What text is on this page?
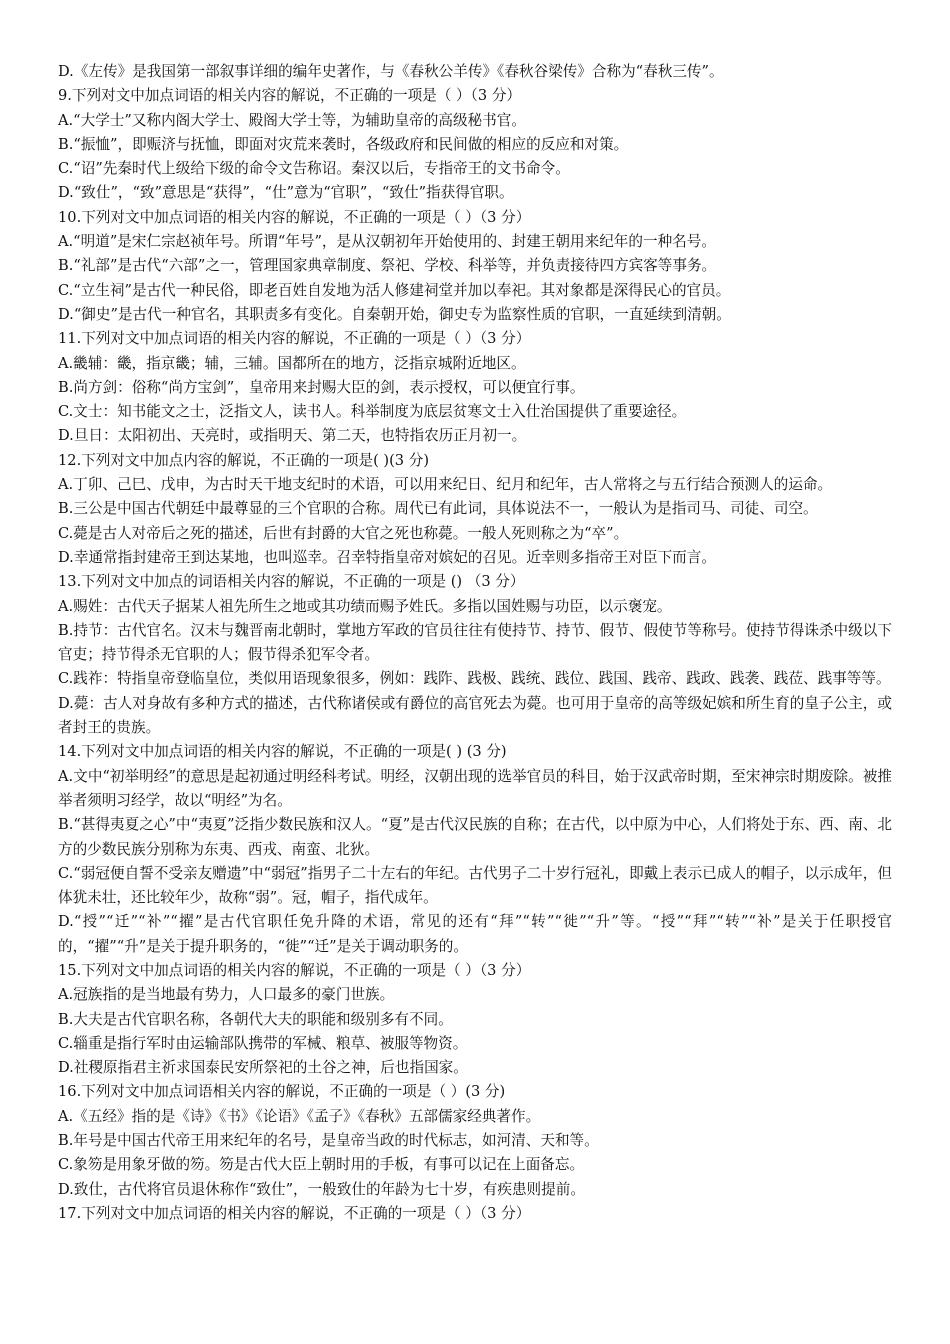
D.《左传》是我国第一部叙事详细的编年史著作，与《春秋公羊传》《春秋谷梁传》合称为“春秋三传”。
9.下列对文中加点词语的相关内容的解说，不正确的一项是（ ）（3 分）
A.“大学士”又称内阁大学士、殿阁大学士等，为辅助皇帝的高级秘书官。
B.“振恤”，即赈济与抚恤，即面对灾荒来袭时，各级政府和民间做的相应的反应和对策。
C.“诏”先秦时代上级给下级的命令文告称诏。秦汉以后，专指帝王的文书命令。
D.“致仕”，“致”意思是“获得”，“仕”意为“官职”，“致仕”指获得官职。
10.下列对文中加点词语的相关内容的解说，不正确的一项是（ ）（3 分）
A.“明道”是宋仁宗赵祯年号。所谓“年号”，是从汉朝初年开始使用的、封建王朝用来纪年的一种名号。
B.“礼部”是古代“六部”之一，管理国家典章制度、祭祀、学校、科举等，并负责接待四方宾客等事务。
C.“立生祠”是古代一种民俗，即老百姓自发地为活人修建祠堂并加以奉祀。其对象都是深得民心的官员。
D.“御史”是古代一种官名，其职责多有变化。自秦朝开始，御史专为监察性质的官职，一直延续到清朝。
11.下列对文中加点词语的相关内容的解说，不正确的一项是（ ）（3 分）
A.畿辅：畿，指京畿；辅，三辅。国都所在的地方，泛指京城附近地区。
B.尚方剑：俗称“尚方宝剑”，皇帝用来封赐大臣的剑，表示授权，可以便宜行事。
C.文士：知书能文之士，泛指文人，读书人。科举制度为底层贫寒文士入仕治国提供了重要途径。
D.旦日：太阳初出、天亮时，或指明天、第二天，也特指农历正月初一。
12.下列对文中加点内容的解说，不正确的一项是( )(3 分)
A.丁卯、己巳、戊申，为古时天干地支纪时的术语，可以用来纪日、纪月和纪年，古人常将之与五行结合预测人的运命。
B.三公是中国古代朝廷中最尊显的三个官职的合称。周代已有此词，具体说法不一，一般认为是指司马、司徒、司空。
C.薨是古人对帝后之死的描述，后世有封爵的大官之死也称薨。一般人死则称之为“卒”。
D.幸通常指封建帝王到达某地，也叫巡幸。召幸特指皇帝对嫔妃的召见。近幸则多指帝王对臣下而言。
13.下列对文中加点的词语相关内容的解说，不正确的一项是 () （3 分）
A.赐姓：古代天子据某人祖先所生之地或其功绩而赐予姓氏。多指以国姓赐与功臣，以示褒宠。
B.持节：古代官名。汉末与魏晋南北朝时，掌地方军政的官员往往有使持节、持节、假节、假使节等称号。使持节得诛杀中级以下官吏；持节得杀无官职的人；假节得杀犯军令者。
C.践祚：特指皇帝登临皇位，类似用语现象很多，例如：践阼、践极、践统、践位、践国、践帝、践政、践袭、践莅、践事等等。
D.薨：古人对身故有多种方式的描述，古代称诸侯或有爵位的高官死去为薨。也可用于皇帝的高等级妃嫔和所生育的皇子公主，或者封王的贵族。
14.下列对文中加点词语的相关内容的解说，不正确的一项是( ) (3 分)
A.文中“初举明经”的意思是起初通过明经科考试。明经，汉朝出现的选举官员的科目，始于汉武帝时期，至宋神宗时期废除。被推举者须明习经学，故以“明经”为名。
B.“甚得夷夏之心”中“夷夏”泛指少数民族和汉人。“夏”是古代汉民族的自称；在古代，以中原为中心，人们将处于东、西、南、北方的少数民族分别称为东夷、西戎、南蛮、北狄。
C.“弱冠便自誓不受亲友赠遗”中“弱冠”指男子二十左右的年纪。古代男子二十岁行冠礼，即戴上表示已成人的帽子，以示成年，但体犹未壮，还比较年少，故称“弱”。冠，帽子，指代成年。
D.“授”“迁”“补”“擢”是古代官职任免升降的术语，常见的还有“拜”“转”“徙”“升”等。“授”“拜”“转”“补”是关于任职授官的，“擢”“升”是关于提升职务的，“徙”“迁”是关于调动职务的。
15.下列对文中加点词语的相关内容的解说，不正确的一项是（ ）（3 分）
A.冠族指的是当地最有势力，人口最多的豪门世族。
B.大夫是古代官职名称，各朝代大夫的职能和级别多有不同。
C.辎重是指行军时由运输部队携带的军械、粮草、被服等物资。
D.社稷原指君主祈求国泰民安所祭祀的土谷之神，后也指国家。
16.下列对文中加点词语相关内容的解说，不正确的一项是（ ）(3 分)
A.《五经》指的是《诗》《书》《论语》《孟子》《春秋》五部儒家经典著作。
B.年号是中国古代帝王用来纪年的名号，是皇帝当政的时代标志，如河清、天和等。
C.象笏是用象牙做的笏。笏是古代大臣上朝时用的手板，有事可以记在上面备忘。
D.致仕，古代将官员退休称作“致仕”，一般致仕的年龄为七十岁，有疾患则提前。
17.下列对文中加点词语的相关内容的解说，不正确的一项是（ ）（3 分）
